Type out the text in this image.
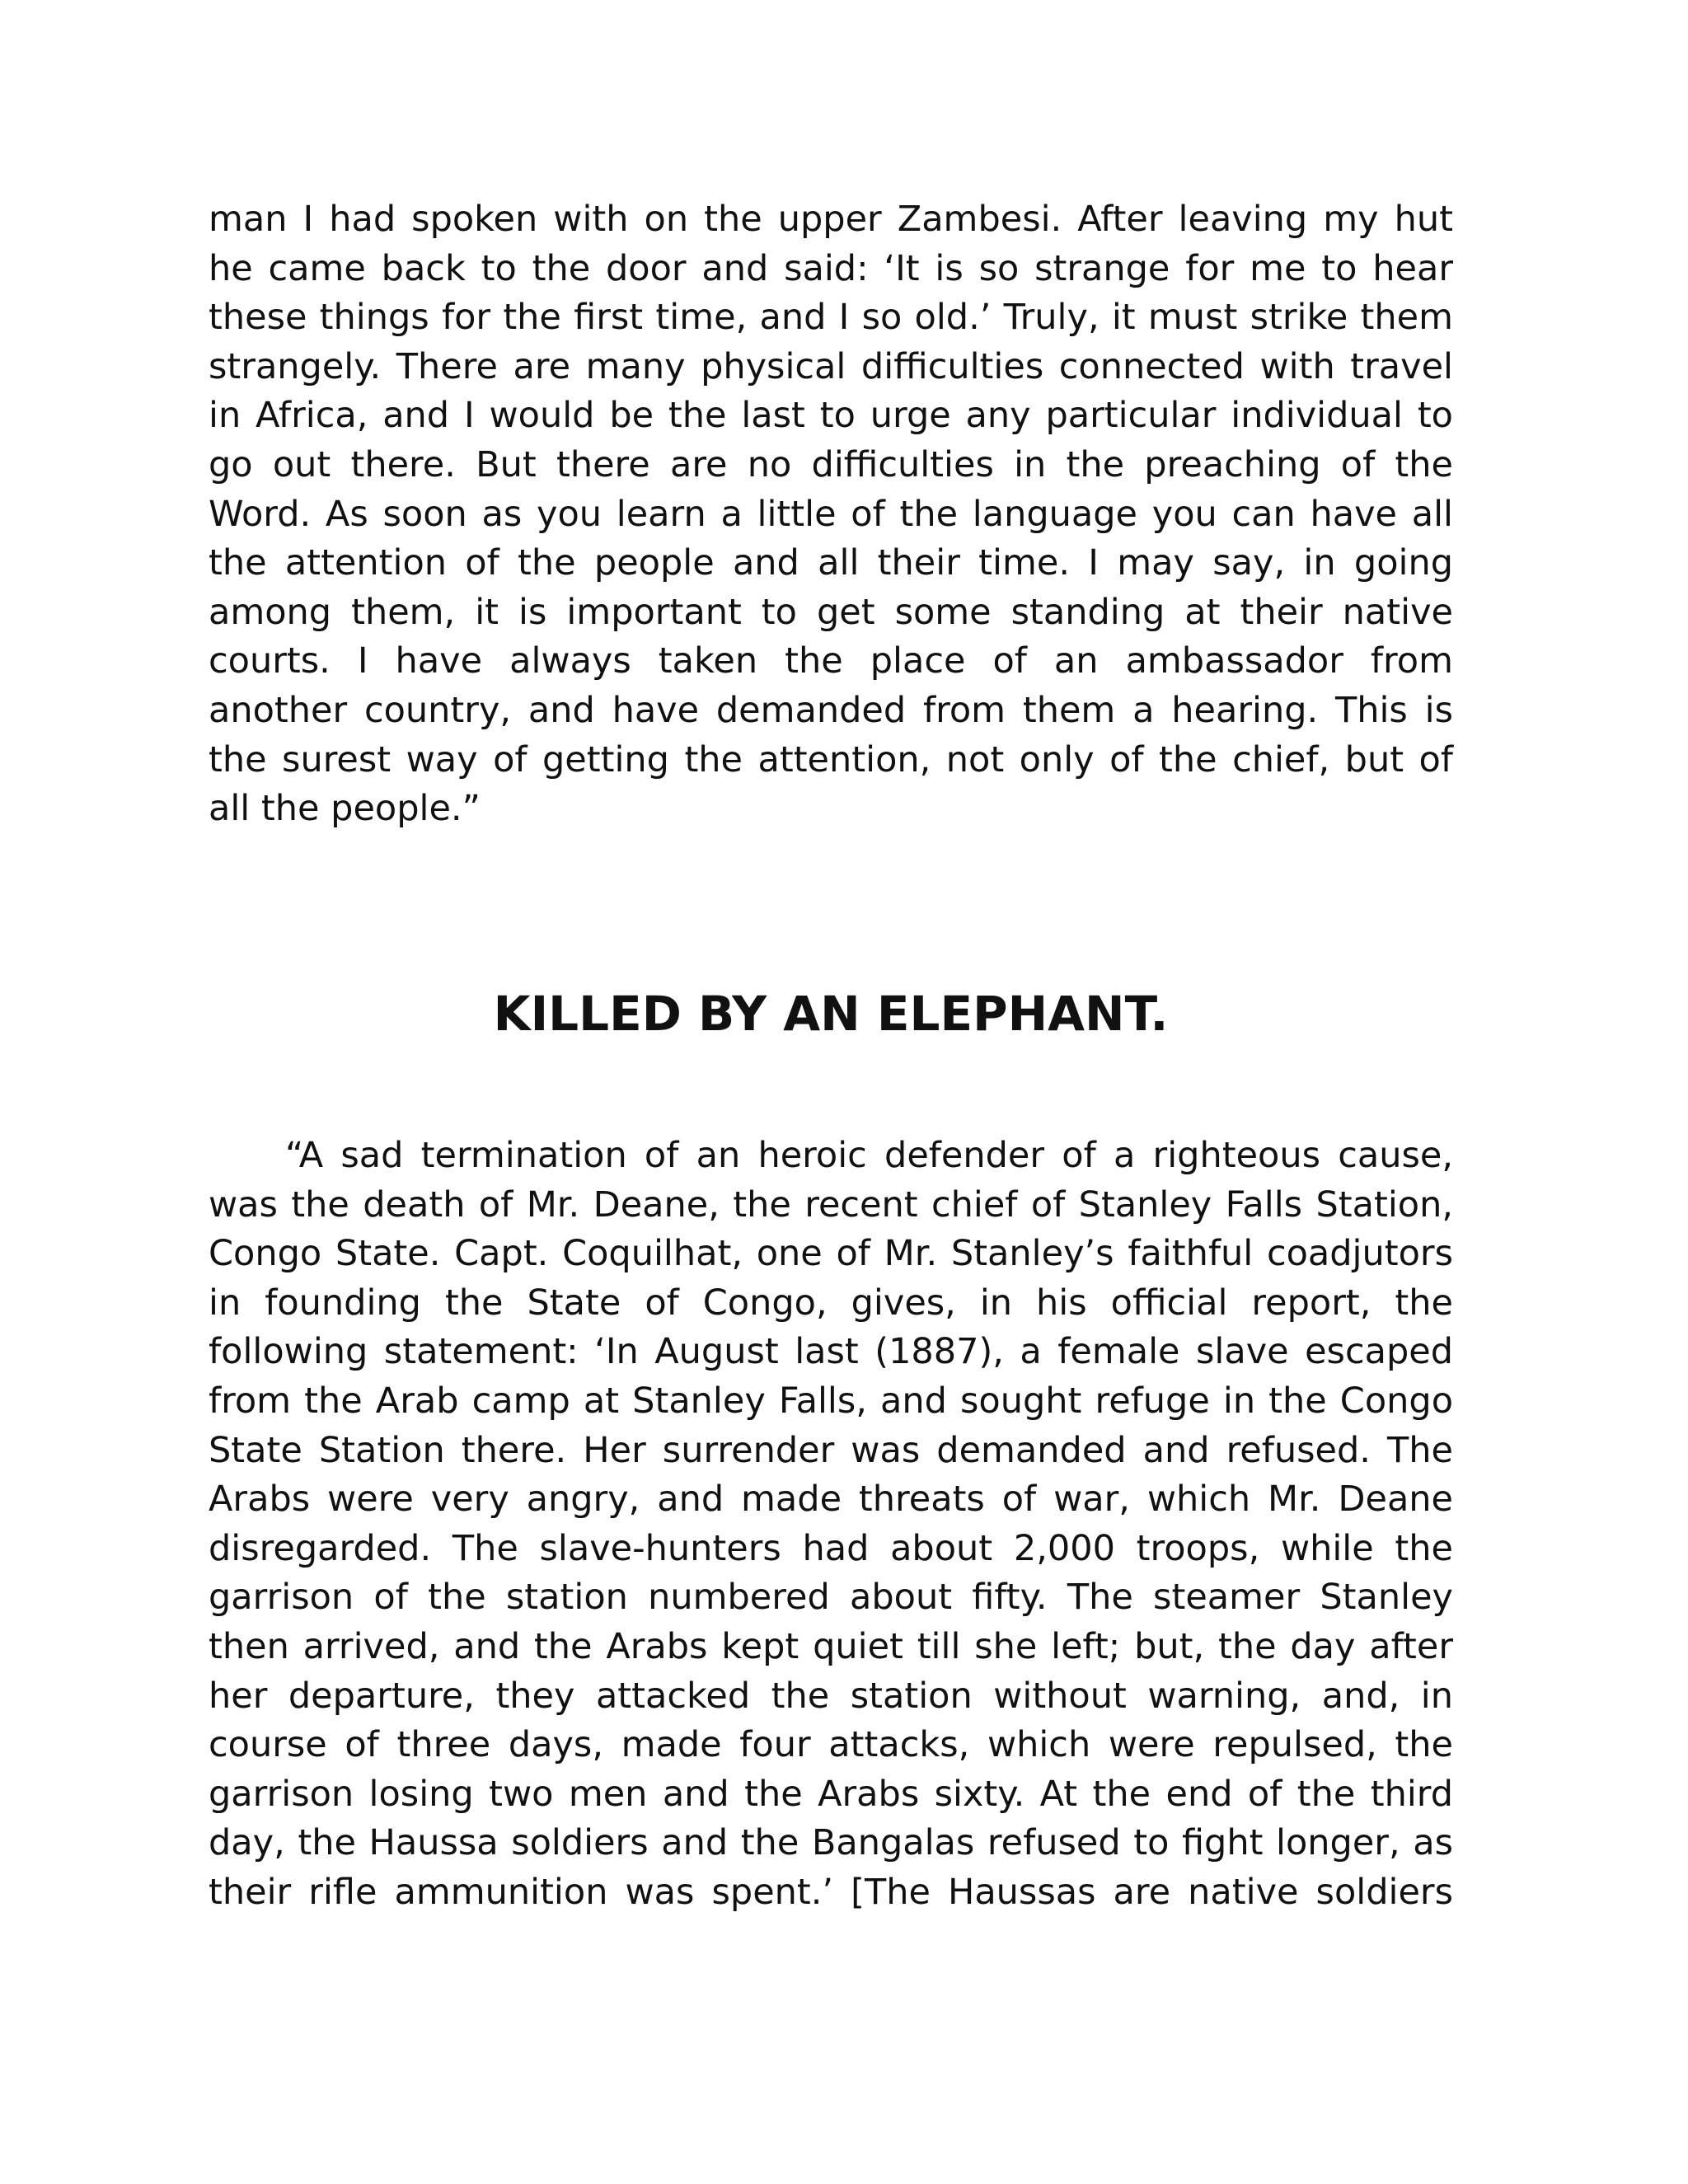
man I had spoken with on the upper Zambesi. After leaving my hut
he came back to the door and said: ‘It is so strange for me to hear
these things for the first time, and I so old.’ Truly, it must strike them
strangely. There are many physical difficulties connected with travel
in Africa, and I would be the last to urge any particular individual to
go out there. But there are no difficulties in the preaching of the
Word. As soon as you learn a little of the language you can have all
the attention of the people and all their time. I may say, in going
among them, it is important to get some standing at their native
courts. I have always taken the place of an ambassador from
another country, and have demanded from them a hearing. This is
the surest way of getting the attention, not only of the chief, but of
all the people.”
KILLED BY AN ELEPHANT.
“A sad termination of an heroic defender of a righteous cause,
was the death of Mr. Deane, the recent chief of Stanley Falls Station,
Congo State. Capt. Coquilhat, one of Mr. Stanley’s faithful coadjutors
in founding the State of Congo, gives, in his official report, the
following statement: ‘In August last (1887), a female slave escaped
from the Arab camp at Stanley Falls, and sought refuge in the Congo
State Station there. Her surrender was demanded and refused. The
Arabs were very angry, and made threats of war, which Mr. Deane
disregarded. The slave-hunters had about 2,000 troops, while the
garrison of the station numbered about fifty. The steamer Stanley
then arrived, and the Arabs kept quiet till she left; but, the day after
her departure, they attacked the station without warning, and, in
course of three days, made four attacks, which were repulsed, the
garrison losing two men and the Arabs sixty. At the end of the third
day, the Haussa soldiers and the Bangalas refused to fight longer, as
their rifle ammunition was spent.’ [The Haussas are native soldiers
